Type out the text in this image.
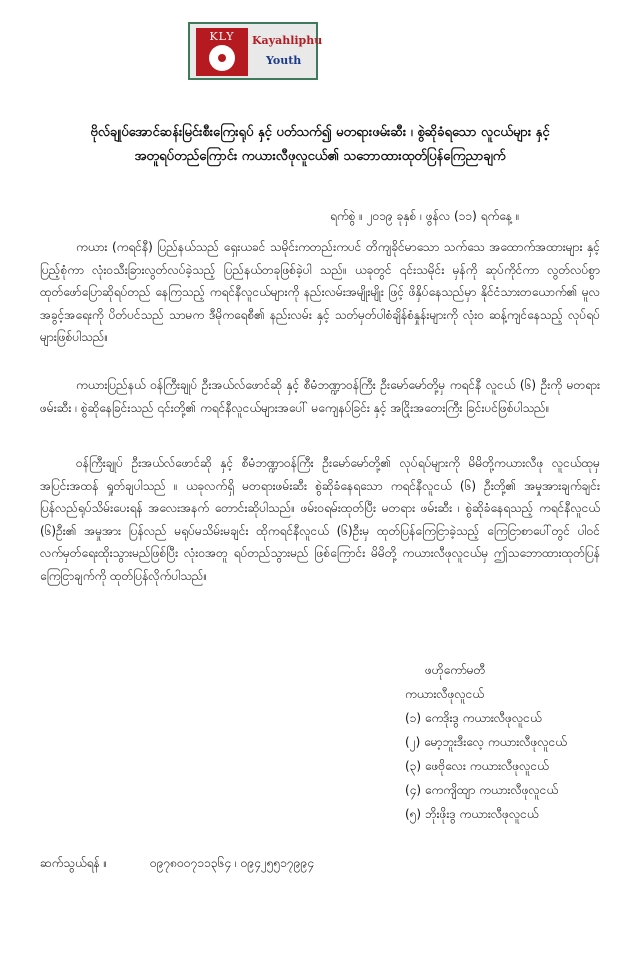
KLY	Kayahliphu
Youth
ဗိုလ်ချုပ်အောင်ဆန်းမြင်းစီးကြေးရုပ် နှင့် ပတ်သက်၍ မတရားဖမ်းဆီး ၊ စွဲဆိုခံရသော လူငယ်များ နှင့်
အတူရပ်တည်ကြောင်း ကယားလီဖုလူငယ်၏ သဘောထားထုတ်ပြန်ကြေညာချက်
ရက်စွဲ ။ ၂၀၁၉ ခုနှစ် ၊ ဖွန်လ (၁၁) ရက်နေ့ ။
ကယား (ကရင်နီ) ပြည်နယ်သည် ရှေးယခင် သမိုင်းကတည်းကပင် တိကျခိုင်မာသော သက်သေ အထောက်အထားများ နှင့် ပြည့်စုံကာ လုံးဝသီးခြားလွတ်လပ်ခဲ့သည့် ပြည်နယ်တခုဖြစ်ခဲ့ပါ သည်။ ယခုတွင် ၎င်းသမိုင်း မှန်ကို ဆုပ်ကိုင်ကာ လွတ်လပ်စွာထုတ်ဖော်ပြောဆိုရပ်တည် နေကြသည့် ကရင်နီလူငယ်များကို နည်းလမ်းအမျိုးမျိုး ဖြင့် ဖိနှိပ်နေသည်မှာ နိုင်ငံသားတယောက်၏ မူလအခွင့်အရေးကို ပိတ်ပင်သည် သာမက ဒီမိုကရေစီ၏ နည်းလမ်း နှင့် သတ်မှတ်ပါစံချိန်စံနှုန်းများကို လုံးဝ ဆန့်ကျင်နေသည့် လုပ်ရပ်များဖြစ်ပါသည်။
ကယားပြည်နယ် ဝန်ကြီးချုပ် ဦးအယ်လ်ဖောင်ဆို နှင့် စီမံဘဏ္ဍာဝန်ကြီး ဦးမော်မော်တို့မှ ကရင်နီ လူငယ် (၆) ဦးကို မတရားဖမ်းဆီး ၊ စွဲဆိုနေခြင်းသည် ၎င်းတို့၏ ကရင်နီလူငယ်များအပေါ် မကျေနပ်ခြင်း နှင့် အငြိုးအတေးကြီး ခြင်းပင်ဖြစ်ပါသည်။
ဝန်ကြီးချုပ် ဦးအယ်လ်ဖောင်ဆို နှင့် စီမံဘဏ္ဍာဝန်ကြီး ဦးမော်မော်တို့၏ လုပ်ရပ်များကို မိမိတို့ကယားလီဖု လူငယ်ထုမှ အပြင်းအထန် ရှုတ်ချပါသည် ။ ယခုလက်ရှိ မတရားဖမ်းဆီး စွဲဆိုခံနေရသော ကရင်နီလူငယ် (၆) ဦးတို့၏ အမှုအားချက်ချင်း ပြန်လည်ရုပ်သိမ်းပေးရန် အလေးအနက် တောင်းဆိုပါသည်။ ဖမ်းဝရမ်းထုတ်ပြီး မတရား ဖမ်းဆီး ၊ စွဲဆိုခံနေရသည့် ကရင်နီလူငယ် (၆)ဦး၏ အမှုအား ပြန်လည် မရုပ်မသိမ်းမချင်း ထိုကရင်နီလူငယ် (၆)ဦးမှ ထုတ်ပြန်ကြေငြာခဲ့သည့် ကြေငြာစာပေါ်တွင် ပါဝင်လက်မှတ်ရေးထိုးသွားမည်ဖြစ်ပြီး လုံးဝအတူ ရပ်တည်သွားမည် ဖြစ်ကြောင်း မိမိတို့ ကယားလီဖုလူငယ်မှ ဤသဘောထားထုတ်ပြန်ကြေငြာချက်ကို ထုတ်ပြန်လိုက်ပါသည်။
ဖဟိုကော်မတီ
ကယားလီဖုလူငယ်
(၁) ကေဒိုးဒွ ကယားလီဖုလူငယ်
(၂) မော့ဘူးဒီးလေ့ ကယားလီဖုလူငယ်
(၃) ဖေဗိုလေး ကယားလီဖုလူငယ်
(၄) ကေကျိထျာ ကယားလီဖုလူငယ်
(၅) ဘိုးဖိုးဒွ ကယားလီဖုလူငယ်
ဆက်သွယ်ရန် ။	၀၉၇၈၀၀၇၁၁၃၆၄ ၊ ၀၉၄၂၅၅၁၇၉၉၄
